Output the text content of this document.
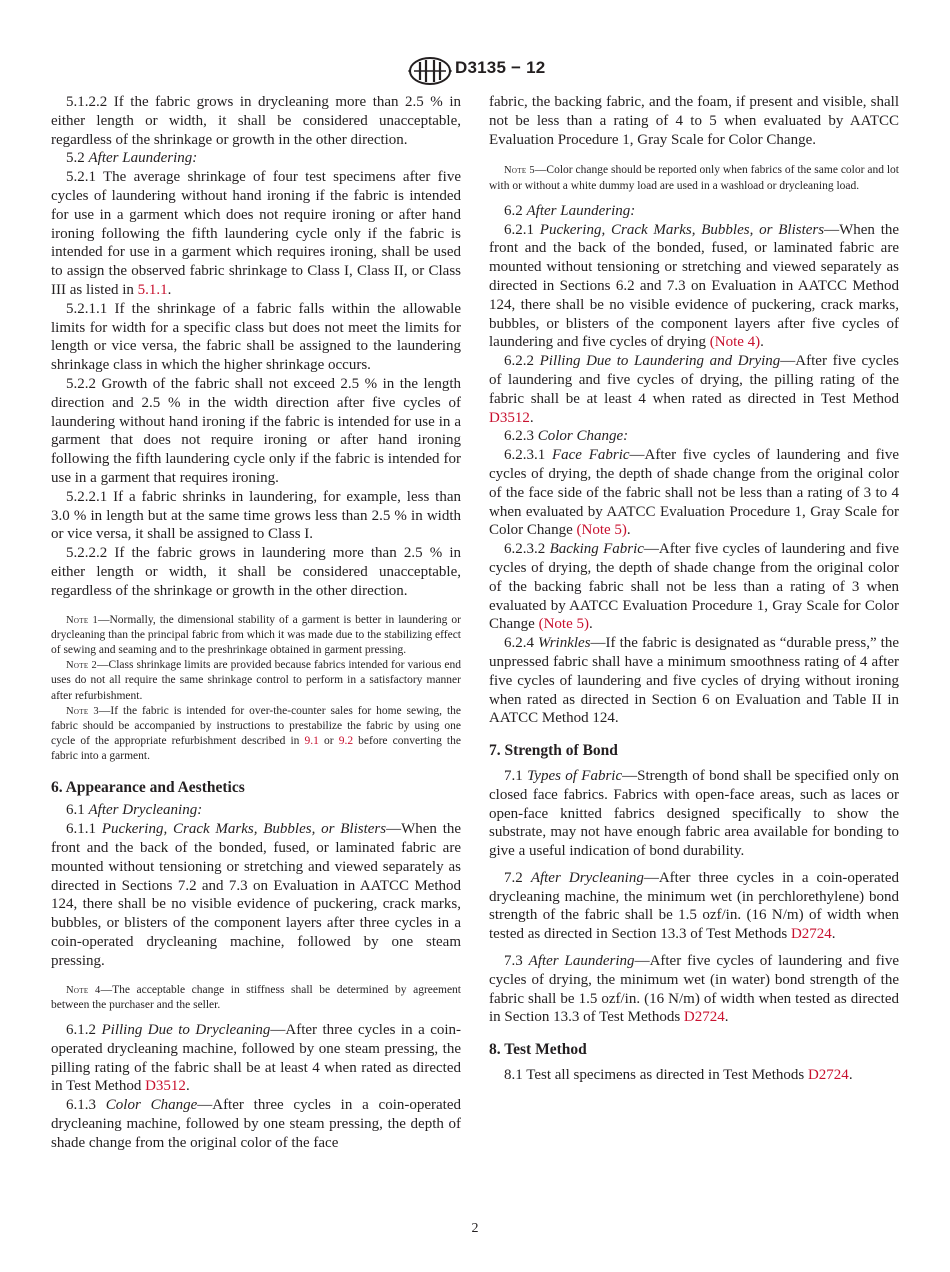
D3135 − 12

5.1.2.2 If the fabric grows in drycleaning more than 2.5 % in either length or width, it shall be considered unacceptable, regardless of the shrinkage or growth in the other direction.

5.2 After Laundering:

5.2.1 The average shrinkage of four test specimens after five cycles of laundering without hand ironing if the fabric is intended for use in a garment which does not require ironing or after hand ironing following the fifth laundering cycle only if the fabric is intended for use in a garment which requires ironing, shall be used to assign the observed fabric shrinkage to Class I, Class II, or Class III as listed in 5.1.1.

5.2.1.1 If the shrinkage of a fabric falls within the allowable limits for width for a specific class but does not meet the limits for length or vice versa, the fabric shall be assigned to the laundering shrinkage class in which the higher shrinkage occurs.

5.2.2 Growth of the fabric shall not exceed 2.5 % in the length direction and 2.5 % in the width direction after five cycles of laundering without hand ironing if the fabric is intended for use in a garment that does not require ironing or after hand ironing following the fifth laundering cycle only if the fabric is intended for use in a garment that requires ironing.

5.2.2.1 If a fabric shrinks in laundering, for example, less than 3.0 % in length but at the same time grows less than 2.5 % in width or vice versa, it shall be assigned to Class I.

5.2.2.2 If the fabric grows in laundering more than 2.5 % in either length or width, it shall be considered unacceptable, regardless of the shrinkage or growth in the other direction.

Note 1—Normally, the dimensional stability of a garment is better in laundering or drycleaning than the principal fabric from which it was made due to the stabilizing effect of sewing and seaming and to the preshrinkage obtained in garment pressing.

Note 2—Class shrinkage limits are provided because fabrics intended for various end uses do not all require the same shrinkage control to perform in a satisfactory manner after refurbishment.

Note 3—If the fabric is intended for over-the-counter sales for home sewing, the fabric should be accompanied by instructions to prestabilize the fabric by using one cycle of the appropriate refurbishment described in 9.1 or 9.2 before converting the fabric into a garment.

6. Appearance and Aesthetics

6.1 After Drycleaning:

6.1.1 Puckering, Crack Marks, Bubbles, or Blisters—When the front and the back of the bonded, fused, or laminated fabric are mounted without tensioning or stretching and viewed separately as directed in Sections 7.2 and 7.3 on Evaluation in AATCC Method 124, there shall be no visible evidence of puckering, crack marks, bubbles, or blisters of the component layers after three cycles in a coin-operated drycleaning machine, followed by one steam pressing.

Note 4—The acceptable change in stiffness shall be determined by agreement between the purchaser and the seller.

6.1.2 Pilling Due to Drycleaning—After three cycles in a coin-operated drycleaning machine, followed by one steam pressing, the pilling rating of the fabric shall be at least 4 when rated as directed in Test Method D3512.

6.1.3 Color Change—After three cycles in a coin-operated drycleaning machine, followed by one steam pressing, the depth of shade change from the original color of the face

fabric, the backing fabric, and the foam, if present and visible, shall not be less than a rating of 4 to 5 when evaluated by AATCC Evaluation Procedure 1, Gray Scale for Color Change.

Note 5—Color change should be reported only when fabrics of the same color and lot with or without a white dummy load are used in a washload or drycleaning load.

6.2 After Laundering:

6.2.1 Puckering, Crack Marks, Bubbles, or Blisters—When the front and the back of the bonded, fused, or laminated fabric are mounted without tensioning or stretching and viewed separately as directed in Sections 6.2 and 7.3 on Evaluation in AATCC Method 124, there shall be no visible evidence of puckering, crack marks, bubbles, or blisters of the component layers after five cycles of laundering and five cycles of drying (Note 4).

6.2.2 Pilling Due to Laundering and Drying—After five cycles of laundering and five cycles of drying, the pilling rating of the fabric shall be at least 4 when rated as directed in Test Method D3512.

6.2.3 Color Change:

6.2.3.1 Face Fabric—After five cycles of laundering and five cycles of drying, the depth of shade change from the original color of the face side of the fabric shall not be less than a rating of 3 to 4 when evaluated by AATCC Evaluation Procedure 1, Gray Scale for Color Change (Note 5).

6.2.3.2 Backing Fabric—After five cycles of laundering and five cycles of drying, the depth of shade change from the original color of the backing fabric shall not be less than a rating of 3 when evaluated by AATCC Evaluation Procedure 1, Gray Scale for Color Change (Note 5).

6.2.4 Wrinkles—If the fabric is designated as “durable press,” the unpressed fabric shall have a minimum smoothness rating of 4 after five cycles of laundering and five cycles of drying without ironing when rated as directed in Section 6 on Evaluation and Table II in AATCC Method 124.

7. Strength of Bond

7.1 Types of Fabric—Strength of bond shall be specified only on closed face fabrics. Fabrics with open-face areas, such as laces or open-face knitted fabrics designed specifically to show the substrate, may not have enough fabric area available for bonding to give a useful indication of bond durability.

7.2 After Drycleaning—After three cycles in a coin-operated drycleaning machine, the minimum wet (in perchlorethylene) bond strength of the fabric shall be 1.5 ozf/in. (16 N/m) of width when tested as directed in Section 13.3 of Test Methods D2724.

7.3 After Laundering—After five cycles of laundering and five cycles of drying, the minimum wet (in water) bond strength of the fabric shall be 1.5 ozf/in. (16 N/m) of width when tested as directed in Section 13.3 of Test Methods D2724.

8. Test Method

8.1 Test all specimens as directed in Test Methods D2724.

2
